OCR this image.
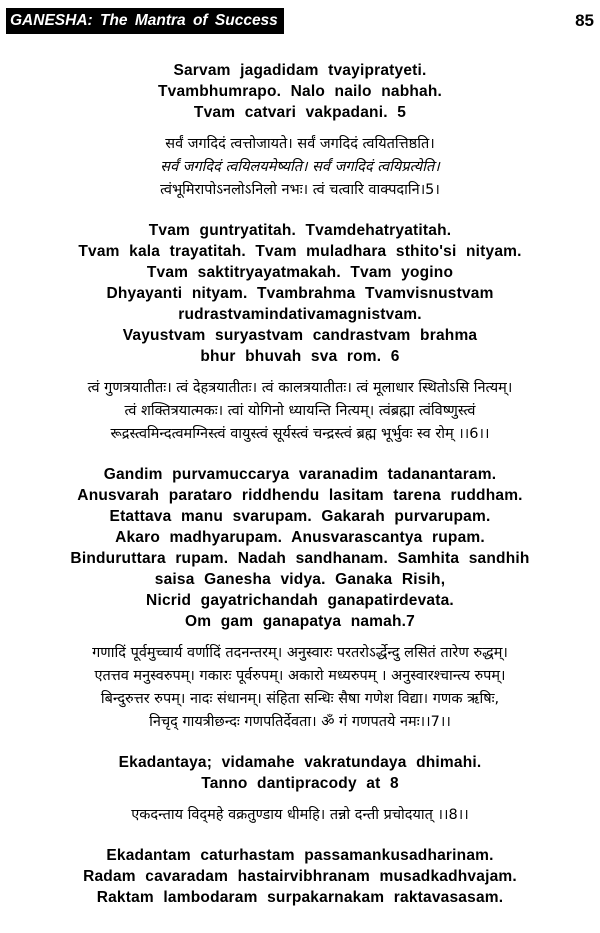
GANESHA: The Mantra of Success	85

Sarvam jagadidam tvayipratyeti.

Tvambhumrapo. Nalo nailo nabhah.

Tvam catvari vakpadani. 5

सर्वं जगदिदं त्वत्तोजायते। सर्वं जगदिदं त्वयितत्तिष्ठति।

सर्वं जगदिदं त्वयिलयमेष्यति। सर्वं जगदिदं त्वयिप्रत्येति।

त्वंभूमिरापोऽनलोऽनिलो नभः। त्वं चत्वारि वाक्पदानि।5।

Tvam guntryatitah. Tvamdehatryatitah.

Tvam kala trayatitah. Tvam muladhara sthito'si nityam.

Tvam saktitryayatmakah. Tvam yogino

Dhyayanti nityam. Tvambrahma Tvamvisnustvam

rudrastvamindativamagnistvam.

Vayustvam suryastvam candrastvam brahma

bhur bhuvah sva rom. 6

त्वं गुणत्रयातीतः। त्वं देहत्रयातीतः। त्वं कालत्रयातीतः। त्वं मूलाधार स्थितोऽसि नित्यम्।

त्वं शक्तित्रयात्मकः। त्वां योगिनो ध्यायन्ति नित्यम्। त्वंब्रह्मा त्वंविष्णुस्त्वं

रूद्रस्त्वमिन्दत्वमग्निस्त्वं वायुस्त्वं सूर्यस्त्वं चन्द्रस्त्वं ब्रह्म भूर्भुवः स्व रोम्‌ ।।6।।

Gandim purvamuccarya varanadim tadanantaram.

Anusvarah parataro riddhendu lasitam tarena ruddham.

Etattava manu svarupam. Gakarah purvarupam.

Akaro madhyarupam. Anusvarascantya rupam.

Binduruttara rupam. Nadah sandhanam. Samhita sandhih

saisa Ganesha vidya. Ganaka Risih,

Nicrid gayatrichandah ganapatirdevata.

Om gam ganapatya namah.7

गणादिं पूर्वमुच्चार्य वर्णादिं तदनन्तरम्‌। अनुस्वारः परतरोऽर्द्धेन्दु लसितं तारेण रुद्धम्‌।

एतत्तव मनुस्वरुपम्‌। गकारः पूर्वरुपम्‌। अकारो मध्यरुपम्‌ । अनुस्वारश्चान्त्य रुपम्‌।

बिन्दुरुत्तर रुपम्‌। नादः संधानम्‌। संहिता सन्धिः सैषा गणेश विद्या। गणक ऋषिः,

निचृद् गायत्रीछन्दः गणपतिर्देवता। ॐ गं गणपतये नमः।।7।।

Ekadantaya; vidamahe vakratundaya dhimahi.

Tanno dantipracody at 8

एकदन्ताय विद्‌महे वक्रतुण्डाय धीमहि। तन्नो दन्ती प्रचोदयात्‌ ।।8।।

Ekadantam caturhastam passamankusadharinam.

Radam cavaradam hastairvibhranam musadkadhvajam.

Raktam lambodaram surpakarnakam raktavasasam.
